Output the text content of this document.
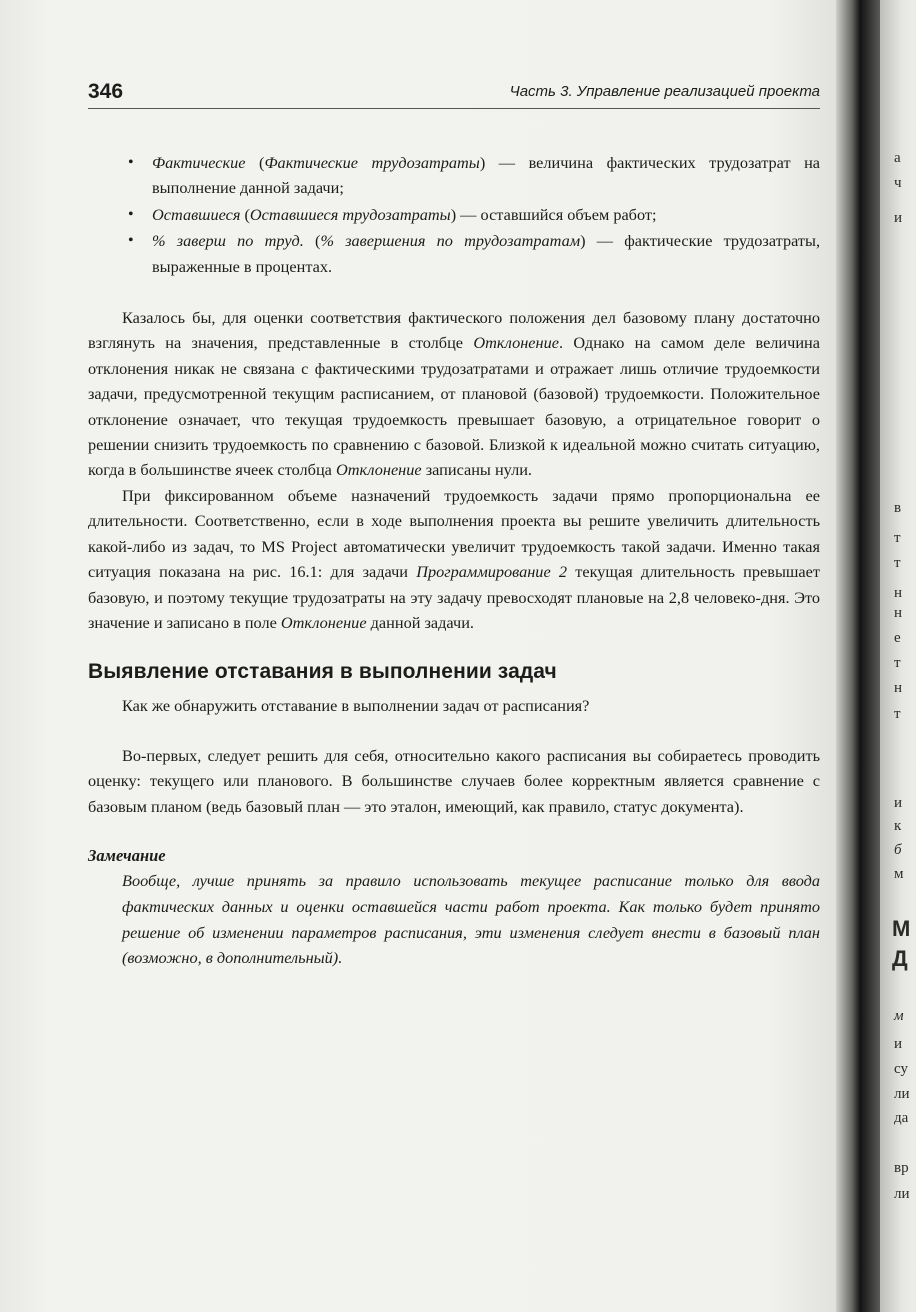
346	Часть 3. Управление реализацией проекта
• Фактические (Фактические трудозатраты) — величина фактических трудозатрат на выполнение данной задачи;
• Оставшиеся (Оставшиеся трудозатраты) — оставшийся объем работ;
• % заверш по труд. (% завершения по трудозатратам) — фактические трудозатраты, выраженные в процентах.

Казалось бы, для оценки соответствия фактического положения дел базовому плану достаточно взглянуть на значения, представленные в столбце Отклонение. Однако на самом деле величина отклонения никак не связана с фактическими трудозатратами и отражает лишь отличие трудоемкости задачи, предусмотренной текущим расписанием, от плановой (базовой) трудоемкости. Положительное отклонение означает, что текущая трудоемкость превышает базовую, а отрицательное говорит о решении снизить трудоемкость по сравнению с базовой. Близкой к идеальной можно считать ситуацию, когда в большинстве ячеек столбца Отклонение записаны нули.

При фиксированном объеме назначений трудоемкость задачи прямо пропорциональна ее длительности. Соответственно, если в ходе выполнения проекта вы решите увеличить длительность какой-либо из задач, то MS Project автоматически увеличит трудоемкость такой задачи. Именно такая ситуация показана на рис. 16.1: для задачи Программирование 2 текущая длительность превышает базовую, и поэтому текущие трудозатраты на эту задачу превосходят плановые на 2,8 человеко-дня. Это значение и записано в поле Отклонение данной задачи.

Выявление отставания в выполнении задач

Как же обнаружить отставание в выполнении задач от расписания?

Во-первых, следует решить для себя, относительно какого расписания вы собираетесь проводить оценку: текущего или планового. В большинстве случаев более корректным является сравнение с базовым планом (ведь базовый план — это эталон, имеющий, как правило, статус документа).

Замечание
Вообще, лучше принять за правило использовать текущее расписание только для ввода фактических данных и оценки оставшейся части работ проекта. Как только будет принято решение об изменении параметров расписания, эти изменения следует внести в базовый план (возможно, в дополнительный).
а
ч
и
в
т
т
н
н
е
т
н
т
и
к
б
м
М
Д
м
и
су
ли
да
вр
ли
